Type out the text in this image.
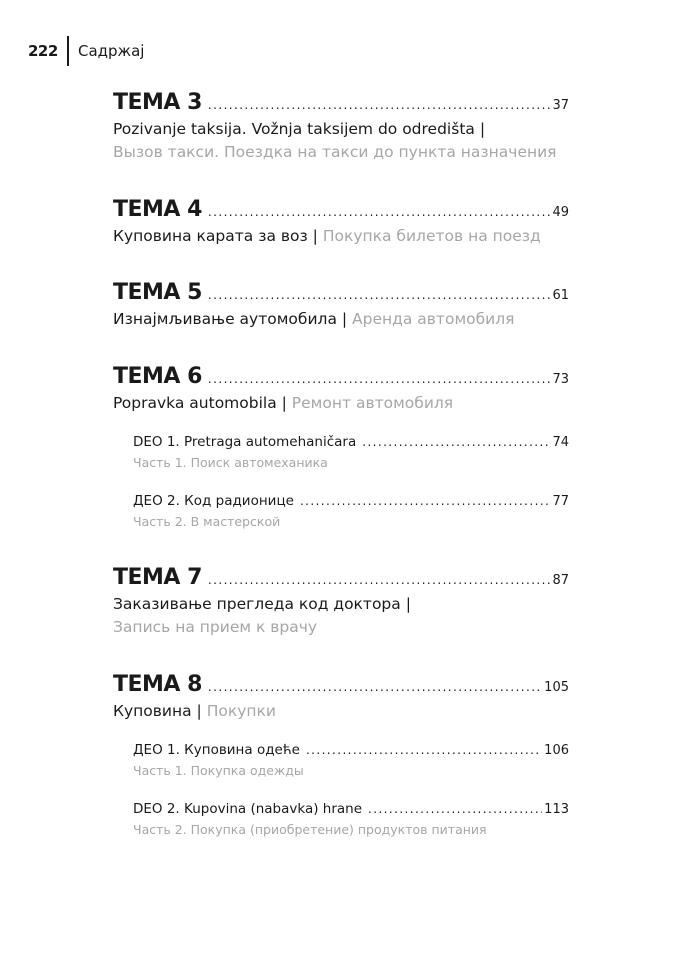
222 Садржај
TEMA 3 .....	37
Pozivanje taksija. Vožnja taksijem do odredišta |
Вызов такси. Поездка на такси до пункта назначения
TEMA 4 .....	49
Куповина карата за воз | Покупка билетов на поезд
TEMA 5 .....	61
Изнајмљивање аутомобила | Аренда автомобиля
TEMA 6 .....	73
Popravka automobila | Ремонт автомобиля
DEO 1. Pretraga automehaničara .....	74
Часть 1. Поиск автомеханика
ДЕО 2. Код радионице .....	77
Часть 2. В мастерской
TEMA 7 .....	87
Заказивање прегледа код доктора |
Запись на прием к врачу
TEMA 8 .....	105
Куповина | Покупки
ДЕО 1. Куповина одеће .....	106
Часть 1. Покупка одежды
DEO 2. Kupovina (nabavka) hrane .....	113
Часть 2. Покупка (приобретение) продуктов питания
